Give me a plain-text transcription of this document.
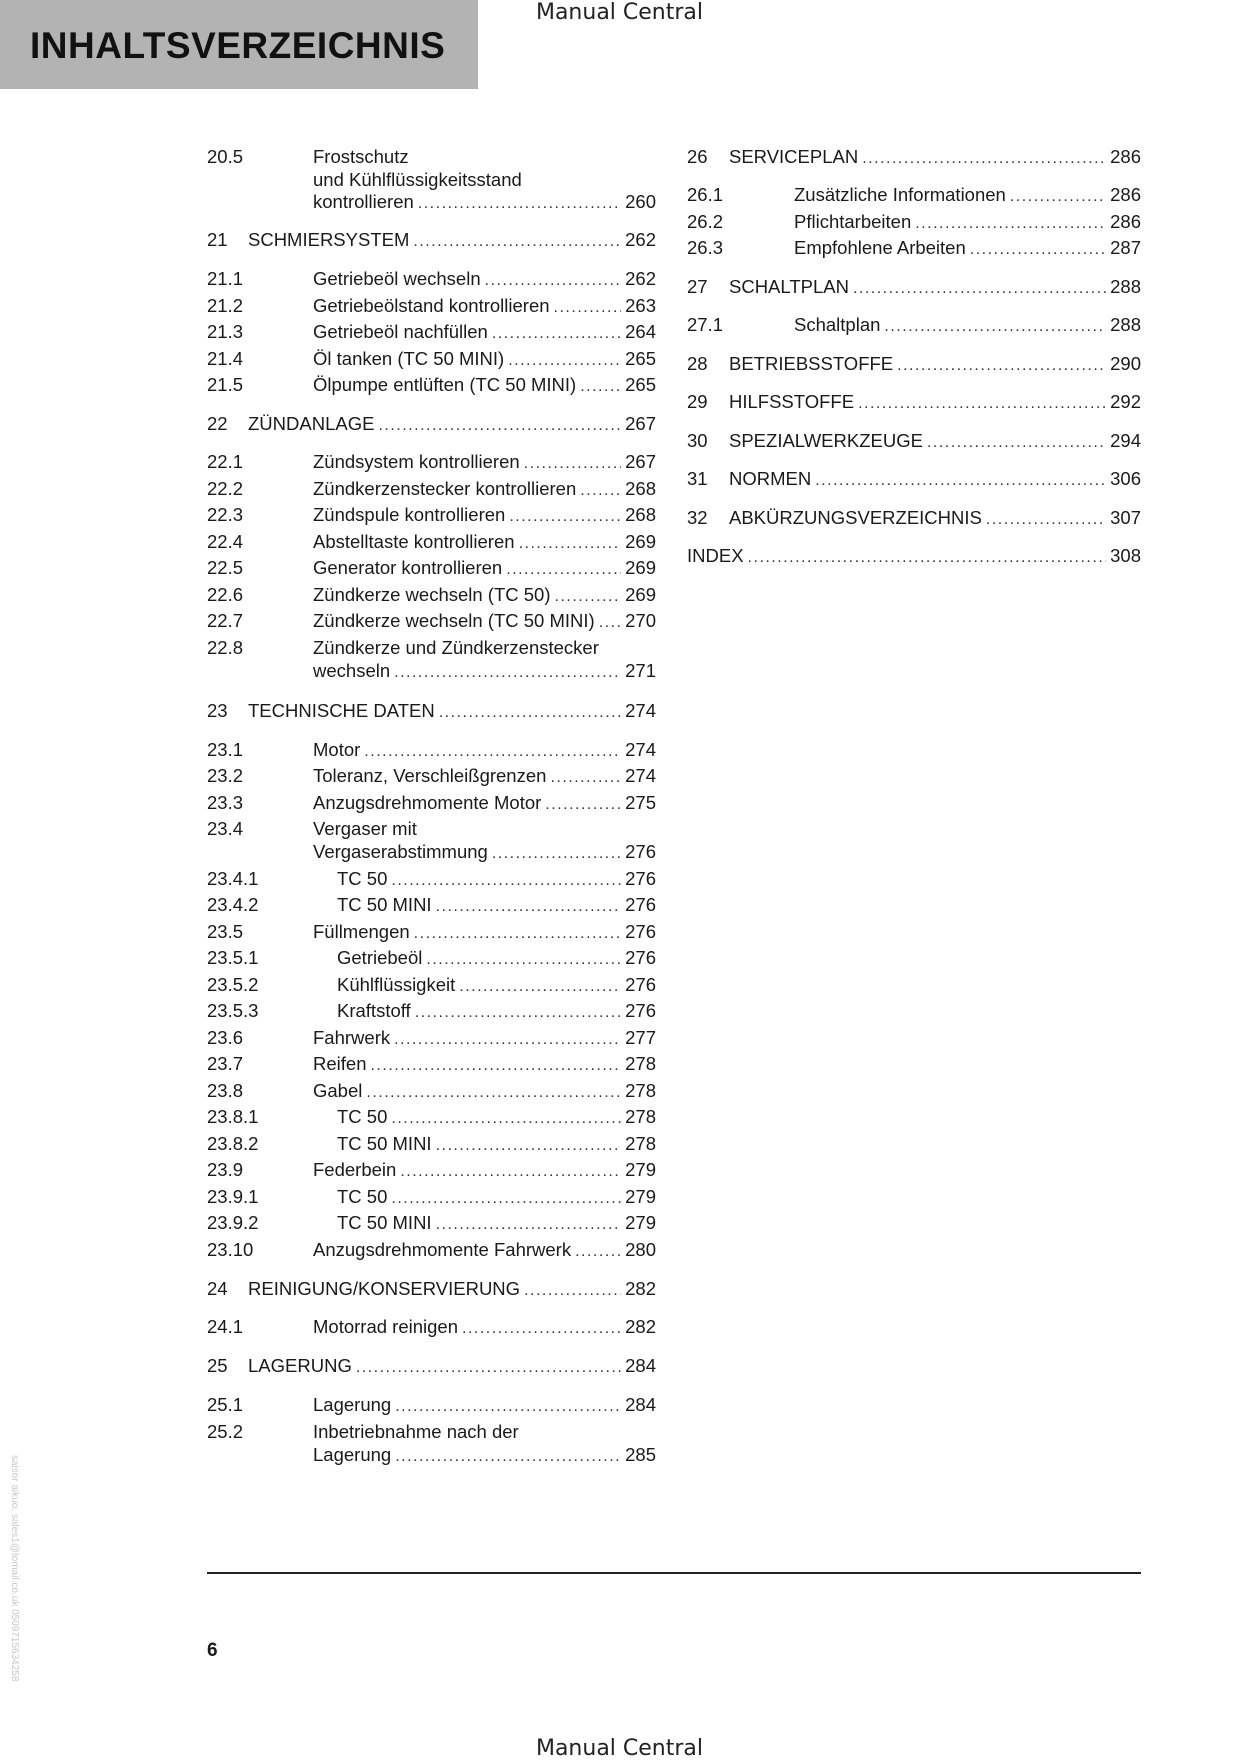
INHALTSVERZEICHNIS
Manual Central
20.5	Frostschutz
und Kühlflüssigkeitsstand
kontrollieren .....	260
21 SCHMIERSYSTEM .....	262
21.1	Getriebeöl wechseln .....	262
21.2	Getriebeölstand kontrollieren .....	263
21.3	Getriebeöl nachfüllen .....	264
21.4	Öl tanken (TC 50 MINI) .....	265
21.5	Ölpumpe entlüften (TC 50 MINI) .....	265
22 ZÜNDANLAGE .....	267
22.1	Zündsystem kontrollieren .....	267
22.2	Zündkerzenstecker kontrollieren .....	268
22.3	Zündspule kontrollieren .....	268
22.4	Abstelltaste kontrollieren .....	269
22.5	Generator kontrollieren .....	269
22.6	Zündkerze wechseln (TC 50) .....	269
22.7	Zündkerze wechseln (TC 50 MINI) ..... 270
22.8	Zündkerze und Zündkerzenstecker
wechseln .....	271
23 TECHNISCHE DATEN .....	274
23.1	Motor .....	274
23.2	Toleranz, Verschleißgrenzen .....	274
23.3	Anzugsdrehmomente Motor .....	275
23.4	Vergaser mit
Vergaserabstimmung .....	276
23.4.1	TC 50 .....	276
23.4.2	TC 50 MINI .....	276
23.5	Füllmengen .....	276
23.5.1	Getriebeöl .....	276
23.5.2	Kühlflüssigkeit .....	276
23.5.3	Kraftstoff .....	276
23.6	Fahrwerk .....	277
23.7	Reifen .....	278
23.8	Gabel .....	278
23.8.1	TC 50 .....	278
23.8.2	TC 50 MINI .....	278
23.9	Federbein .....	279
23.9.1	TC 50 .....	279
23.9.2	TC 50 MINI .....	279
23.10	Anzugsdrehmomente Fahrwerk .....	280
24 REINIGUNG/KONSERVIERUNG .....	282
24.1	Motorrad reinigen .....	282
25 LAGERUNG .....	284
25.1	Lagerung .....	284
25.2	Inbetriebnahme nach der
Lagerung .....	285
26 SERVICEPLAN .....	286
26.1	Zusätzliche Informationen .....	286
26.2	Pflichtarbeiten .....	286
26.3	Empfohlene Arbeiten .....	287
27 SCHALTPLAN .....	288
27.1	Schaltplan .....	288
28 BETRIEBSSTOFFE .....	290
29 HILFSSTOFFE .....	292
30 SPEZIALWERKZEUGE .....	294
31 NORMEN .....	306
32 ABKÜRZUNGSVERZEICHNIS .....	307
INDEX .....	308
6
saisor aikuo. sales1@tomail.co.uk 0509715634258
Manual Central
